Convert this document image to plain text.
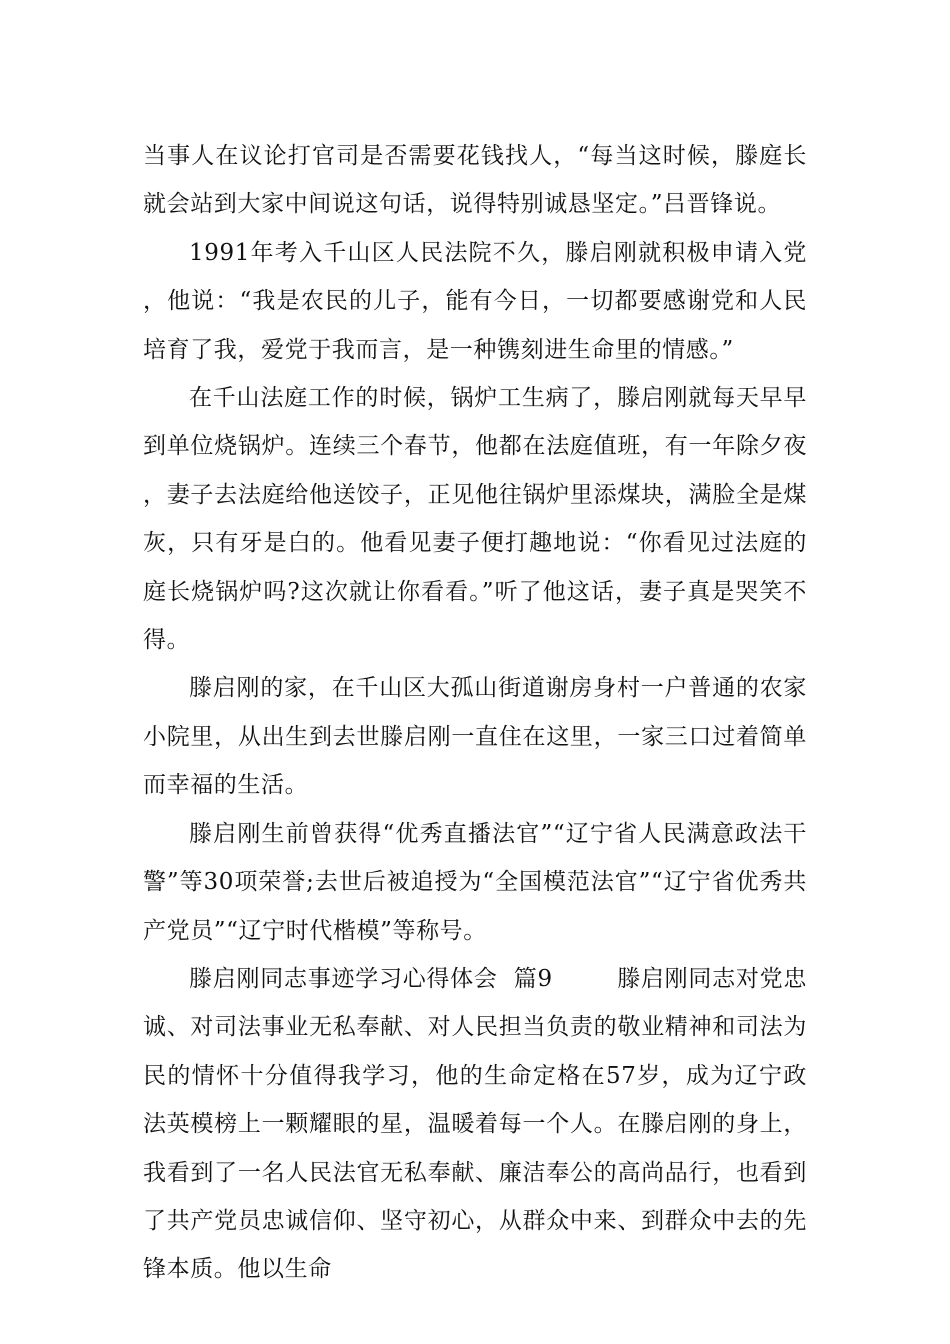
当事人在议论打官司是否需要花钱找人，“每当这时候，滕庭长就会站到大家中间说这句话，说得特别诚恳坚定。”吕晋锋说。

1991年考入千山区人民法院不久，滕启刚就积极申请入党，他说：“我是农民的儿子，能有今日，一切都要感谢党和人民培育了我，爱党于我而言，是一种镌刻进生命里的情感。”

在千山法庭工作的时候，锅炉工生病了，滕启刚就每天早早到单位烧锅炉。连续三个春节，他都在法庭值班，有一年除夕夜，妻子去法庭给他送饺子，正见他往锅炉里添煤块，满脸全是煤灰，只有牙是白的。他看见妻子便打趣地说：“你看见过法庭的庭长烧锅炉吗?这次就让你看看。”听了他这话，妻子真是哭笑不得。

滕启刚的家，在千山区大孤山街道谢房身村一户普通的农家小院里，从出生到去世滕启刚一直住在这里，一家三口过着简单而幸福的生活。

滕启刚生前曾获得“优秀直播法官”“辽宁省人民满意政法干警”等30项荣誉;去世后被追授为“全国模范法官”“辽宁省优秀共产党员”“辽宁时代楷模”等称号。

滕启刚同志事迹学习心得体会  篇9        滕启刚同志对党忠诚、对司法事业无私奉献、对人民担当负责的敬业精神和司法为民的情怀十分值得我学习，他的生命定格在57岁，成为辽宁政法英模榜上一颗耀眼的星，温暖着每一个人。在滕启刚的身上，我看到了一名人民法官无私奉献、廉洁奉公的高尚品行，也看到了共产党员忠诚信仰、坚守初心，从群众中来、到群众中去的先锋本质。他以生命
